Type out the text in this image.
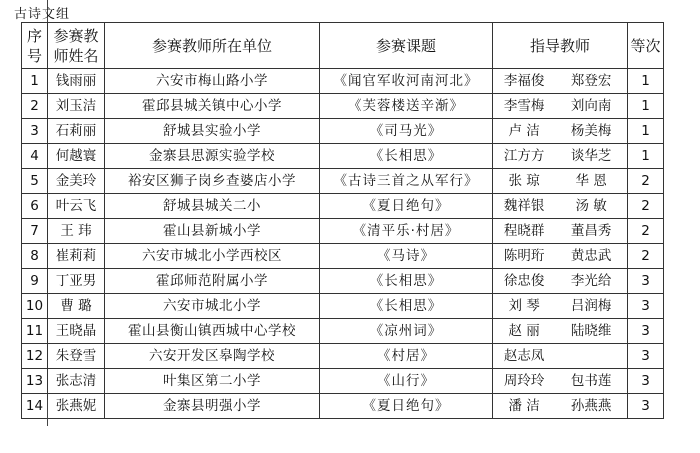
古诗文组
序号	参赛教师姓名	参赛教师所在单位	参赛课题	指导教师	等次
1	钱雨丽	六安市梅山路小学	《闻官军收河南河北》	李福俊 郑登宏	1
2	刘玉洁	霍邱县城关镇中心小学	《芙蓉楼送辛渐》	李雪梅 刘向南	1
3	石莉丽	舒城县实验小学	《司马光》	卢 洁 杨美梅	1
4	何越寰	金寨县思源实验学校	《长相思》	江方方 谈华芝	1
5	金美玲	裕安区狮子岗乡查婆店小学	《古诗三首之从军行》	张 琼 华 恩	2
6	叶云飞	舒城县城关二小	《夏日绝句》	魏祥银 汤 敏	2
7	王 玮	霍山县新城小学	《清平乐·村居》	程晓群 董昌秀	2
8	崔莉莉	六安市城北小学西校区	《马诗》	陈明珩 黄忠武	2
9	丁亚男	霍邱师范附属小学	《长相思》	徐忠俊 李光给	3
10	曹 璐	六安市城北小学	《长相思》	刘 琴 吕润梅	3
11	王晓晶	霍山县衡山镇西城中心学校	《凉州词》	赵 丽 陆晓维	3
12	朱登雪	六安开发区皋陶学校	《村居》	赵志凤	3
13	张志清	叶集区第二小学	《山行》	周玲玲 包书莲	3
14	张燕妮	金寨县明强小学	《夏日绝句》	潘 洁 孙燕燕	3
